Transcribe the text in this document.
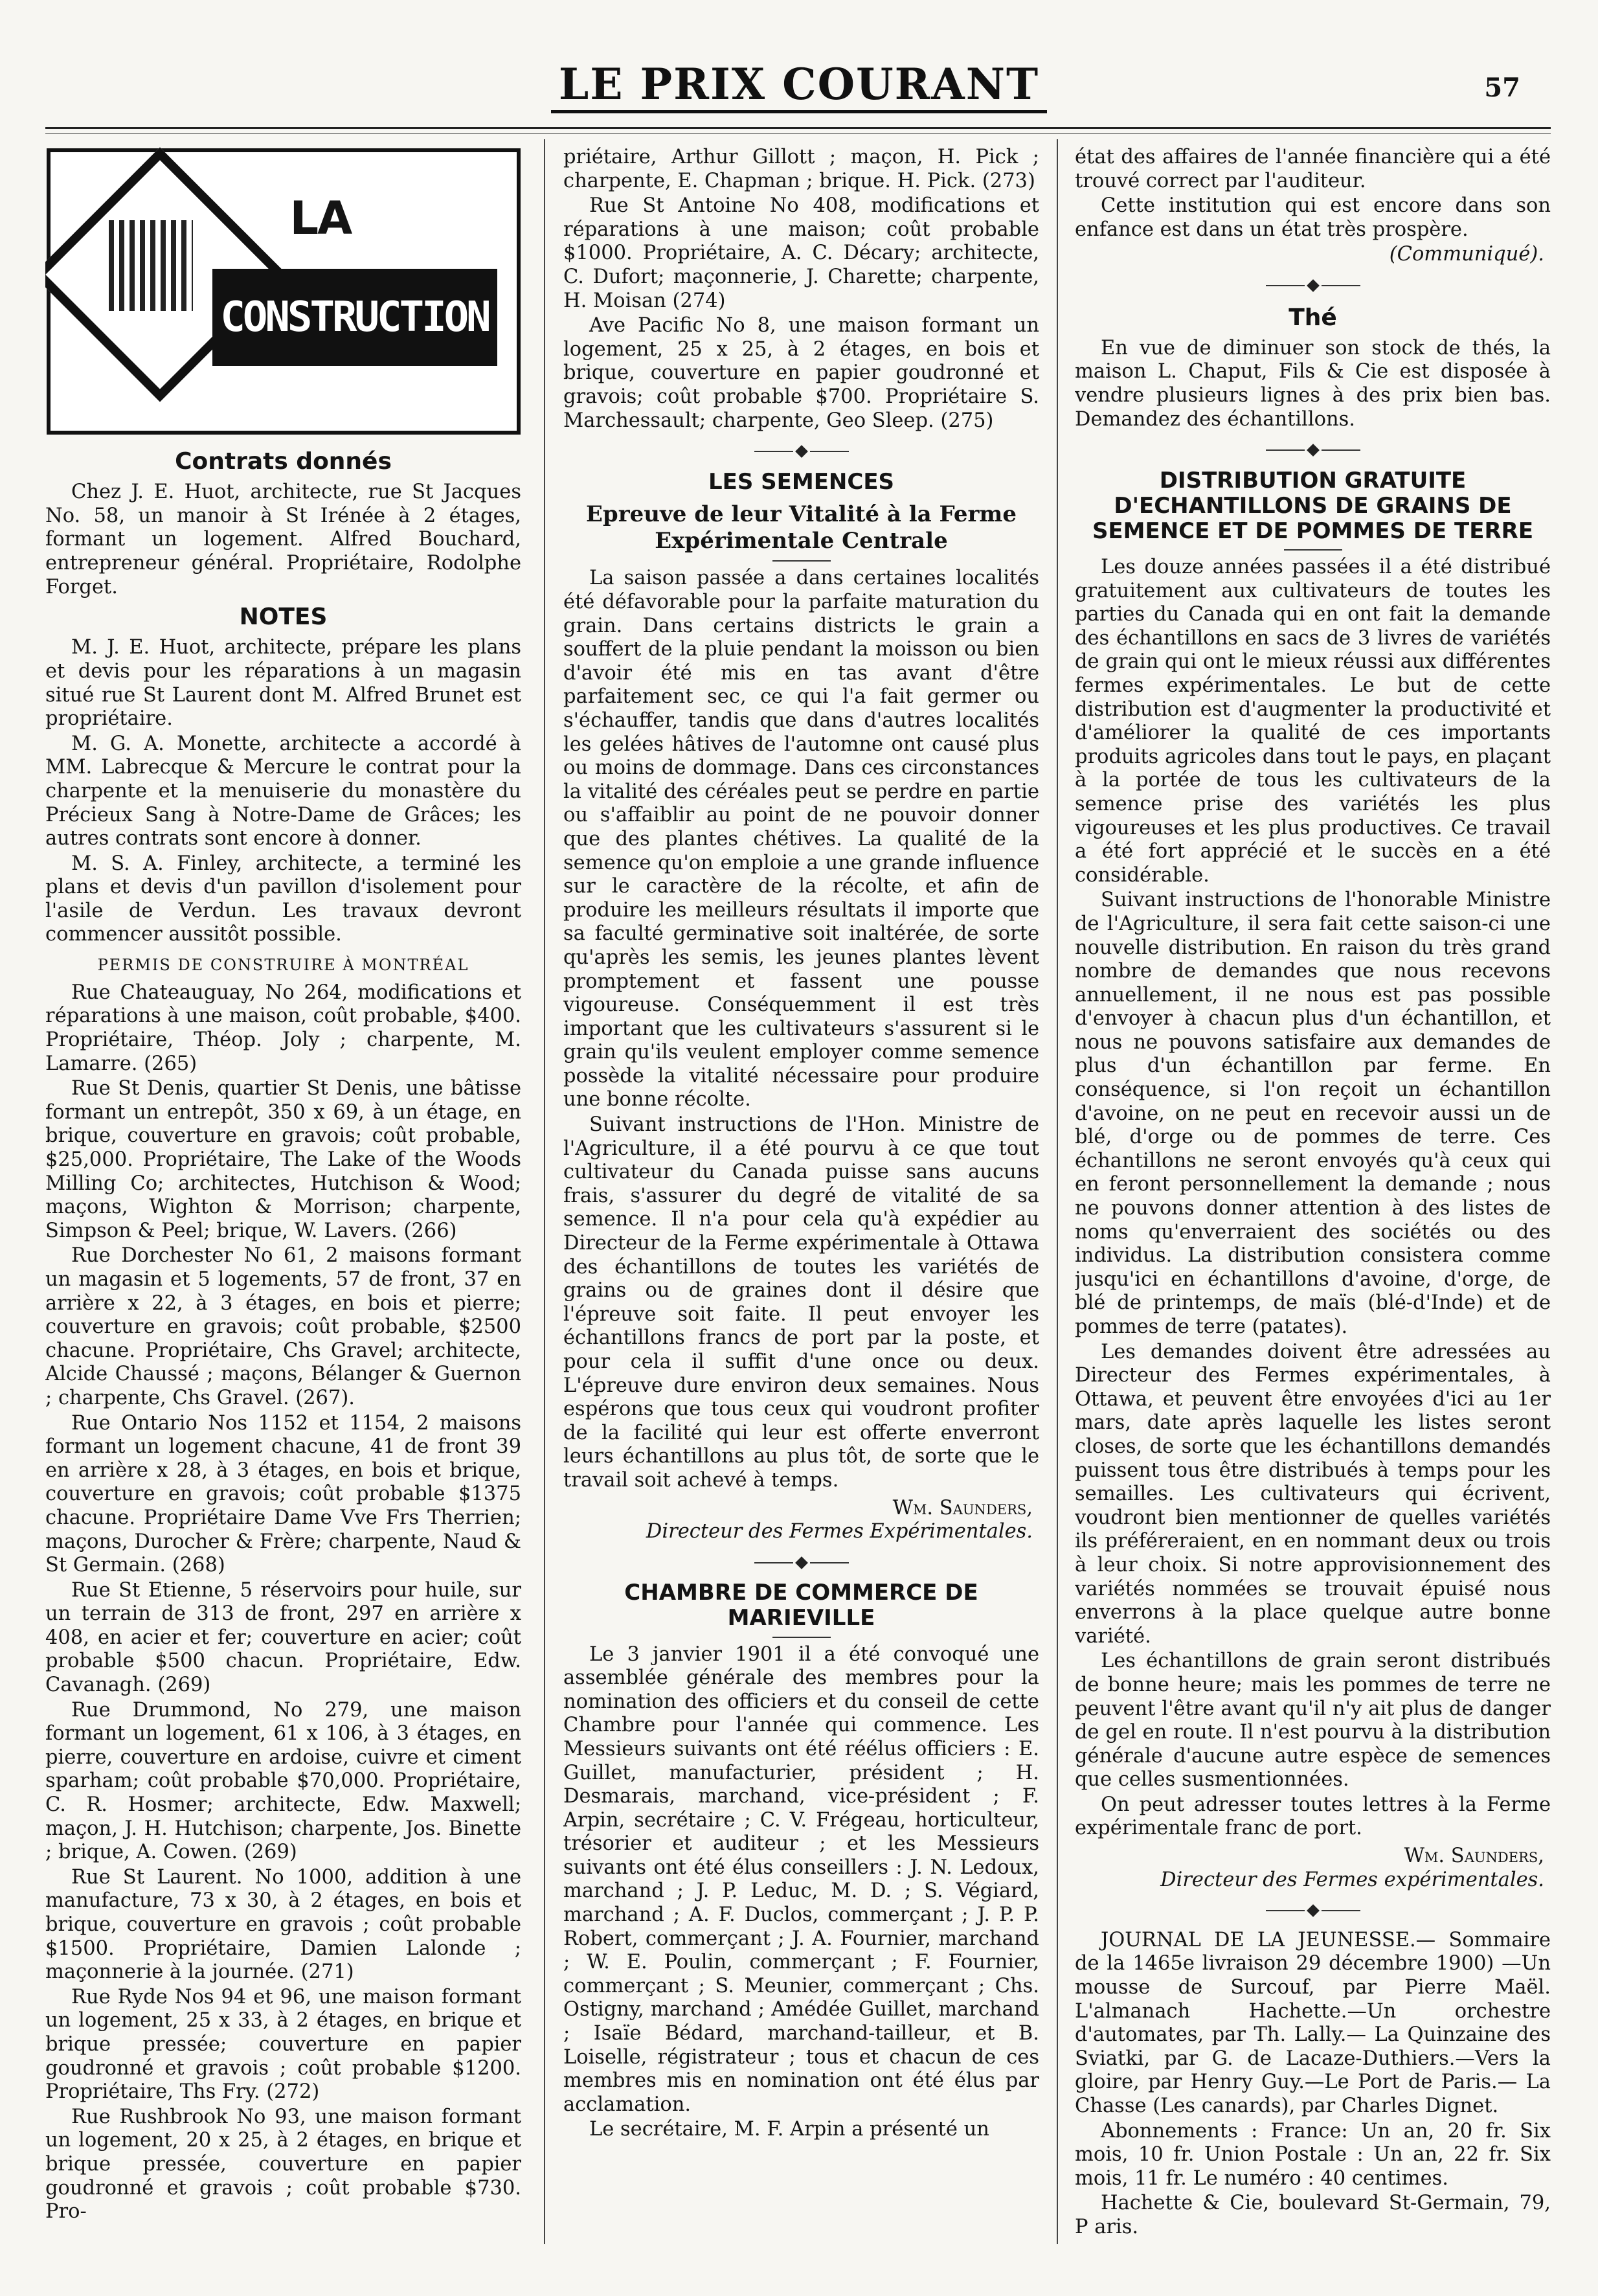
LE PRIX COURANT	57
LA
CONSTRUCTION
Contrats donnés

Chez J. E. Huot, architecte, rue St Jacques No. 58, un manoir à St Irénée à 2 étages, formant un logement. Alfred Bouchard, entrepreneur général. Propriétaire, Rodolphe Forget.

NOTES

M. J. E. Huot, architecte, prépare les plans et devis pour les réparations à un magasin situé rue St Laurent dont M. Alfred Brunet est propriétaire.

M. G. A. Monette, architecte a accordé à MM. Labrecque & Mercure le contrat pour la charpente et la menuiserie du monastère du Précieux Sang à Notre-Dame de Grâces; les autres contrats sont encore à donner.

M. S. A. Finley, architecte, a terminé les plans et devis d'un pavillon d'isolement pour l'asile de Verdun. Les travaux devront commencer aussitôt possible.

PERMIS DE CONSTRUIRE À MONTRÉAL

Rue Chateauguay, No 264, modifications et réparations à une maison, coût probable, $400. Propriétaire, Théop. Joly ; charpente, M. Lamarre. (265)

Rue St Denis, quartier St Denis, une bâtisse formant un entrepôt, 350 x 69, à un étage, en brique, couverture en gravois; coût probable, $25,000. Propriétaire, The Lake of the Woods Milling Co; architectes, Hutchison & Wood; maçons, Wighton & Morrison; charpente, Simpson & Peel; brique, W. Lavers. (266)

Rue Dorchester No 61, 2 maisons formant un magasin et 5 logements, 57 de front, 37 en arrière x 22, à 3 étages, en bois et pierre; couverture en gravois; coût probable, $2500 chacune. Propriétaire, Chs Gravel; architecte, Alcide Chaussé ; maçons, Bélanger & Guernon ; charpente, Chs Gravel. (267).

Rue Ontario Nos 1152 et 1154, 2 maisons formant un logement chacune, 41 de front 39 en arrière x 28, à 3 étages, en bois et brique, couverture en gravois; coût probable $1375 chacune. Propriétaire Dame Vve Frs Therrien; maçons, Durocher & Frère; charpente, Naud & St Germain. (268)

Rue St Etienne, 5 réservoirs pour huile, sur un terrain de 313 de front, 297 en arrière x 408, en acier et fer; couverture en acier; coût probable $500 chacun. Propriétaire, Edw. Cavanagh. (269)

Rue Drummond, No 279, une maison formant un logement, 61 x 106, à 3 étages, en pierre, couverture en ardoise, cuivre et ciment sparham; coût probable $70,000. Propriétaire, C. R. Hosmer; architecte, Edw. Maxwell; maçon, J. H. Hutchison; charpente, Jos. Binette ; brique, A. Cowen. (269)

Rue St Laurent. No 1000, addition à une manufacture, 73 x 30, à 2 étages, en bois et brique, couverture en gravois ; coût probable $1500. Propriétaire, Damien Lalonde ; maçonnerie à la journée. (271)

Rue Ryde Nos 94 et 96, une maison formant un logement, 25 x 33, à 2 étages, en brique et brique pressée; couverture en papier goudronné et gravois ; coût probable $1200. Propriétaire, Ths Fry. (272)

Rue Rushbrook No 93, une maison formant un logement, 20 x 25, à 2 étages, en brique et brique pressée, couverture en papier goudronné et gravois ; coût probable $730. Pro-

priétaire, Arthur Gillott ; maçon, H. Pick ; charpente, E. Chapman ; brique. H. Pick. (273)

Rue St Antoine No 408, modifications et réparations à une maison; coût probable $1000. Propriétaire, A. C. Décary; architecte, C. Dufort; maçonnerie, J. Charette; charpente, H. Moisan (274)

Ave Pacific No 8, une maison formant un logement, 25 x 25, à 2 étages, en bois et brique, couverture en papier goudronné et gravois; coût probable $700. Propriétaire S. Marchessault; charpente, Geo Sleep. (275)

LES SEMENCES
Epreuve de leur Vitalité à la Ferme Expérimentale Centrale

La saison passée a dans certaines localités été défavorable pour la parfaite maturation du grain. Dans certains districts le grain a souffert de la pluie pendant la moisson ou bien d'avoir été mis en tas avant d'être parfaitement sec, ce qui l'a fait germer ou s'échauffer, tandis que dans d'autres localités les gelées hâtives de l'automne ont causé plus ou moins de dommage. Dans ces circonstances la vitalité des céréales peut se perdre en partie ou s'affaiblir au point de ne pouvoir donner que des plantes chétives. La qualité de la semence qu'on emploie a une grande influence sur le caractère de la récolte, et afin de produire les meilleurs résultats il importe que sa faculté germinative soit inaltérée, de sorte qu'après les semis, les jeunes plantes lèvent promptement et fassent une pousse vigoureuse. Conséquemment il est très important que les cultivateurs s'assurent si le grain qu'ils veulent employer comme semence possède la vitalité nécessaire pour produire une bonne récolte.

Suivant instructions de l'Hon. Ministre de l'Agriculture, il a été pourvu à ce que tout cultivateur du Canada puisse sans aucuns frais, s'assurer du degré de vitalité de sa semence. Il n'a pour cela qu'à expédier au Directeur de la Ferme expérimentale à Ottawa des échantillons de toutes les variétés de grains ou de graines dont il désire que l'épreuve soit faite. Il peut envoyer les échantillons francs de port par la poste, et pour cela il suffit d'une once ou deux. L'épreuve dure environ deux semaines. Nous espérons que tous ceux qui voudront profiter de la facilité qui leur est offerte enverront leurs échantillons au plus tôt, de sorte que le travail soit achevé à temps.

Wm. Saunders,
Directeur des Fermes Expérimentales.
CHAMBRE DE COMMERCE DE MARIEVILLE

Le 3 janvier 1901 il a été convoqué une assemblée générale des membres pour la nomination des officiers et du conseil de cette Chambre pour l'année qui commence. Les Messieurs suivants ont été réélus officiers : E. Guillet, manufacturier, président ; H. Desmarais, marchand, vice-président ; F. Arpin, secrétaire ; C. V. Frégeau, horticulteur, trésorier et auditeur ; et les Messieurs suivants ont été élus conseillers : J. N. Ledoux, marchand ; J. P. Leduc, M. D. ; S. Végiard, marchand ; A. F. Duclos, commerçant ; J. P. P. Robert, commerçant ; J. A. Fournier, marchand ; W. E. Poulin, commerçant ; F. Fournier, commerçant ; S. Meunier, commerçant ; Chs. Ostigny, marchand ; Amédée Guillet, marchand ; Isaïe Bédard, marchand-tailleur, et B. Loiselle, régistrateur ; tous et chacun de ces membres mis en nomination ont été élus par acclamation.

Le secrétaire, M. F. Arpin a présenté un

état des affaires de l'année financière qui a été trouvé correct par l'auditeur.

Cette institution qui est encore dans son enfance est dans un état très prospère.

(Communiqué).
Thé

En vue de diminuer son stock de thés, la maison L. Chaput, Fils & Cie est disposée à vendre plusieurs lignes à des prix bien bas. Demandez des échantillons.

DISTRIBUTION GRATUITE D'ECHANTILLONS DE GRAINS DE SEMENCE ET DE POMMES DE TERRE

Les douze années passées il a été distribué gratuitement aux cultivateurs de toutes les parties du Canada qui en ont fait la demande des échantillons en sacs de 3 livres de variétés de grain qui ont le mieux réussi aux différentes fermes expérimentales. Le but de cette distribution est d'augmenter la productivité et d'améliorer la qualité de ces importants produits agricoles dans tout le pays, en plaçant à la portée de tous les cultivateurs de la semence prise des variétés les plus vigoureuses et les plus productives. Ce travail a été fort apprécié et le succès en a été considérable.

Suivant instructions de l'honorable Ministre de l'Agriculture, il sera fait cette saison-ci une nouvelle distribution. En raison du très grand nombre de demandes que nous recevons annuellement, il ne nous est pas possible d'envoyer à chacun plus d'un échantillon, et nous ne pouvons satisfaire aux demandes de plus d'un échantillon par ferme. En conséquence, si l'on reçoit un échantillon d'avoine, on ne peut en recevoir aussi un de blé, d'orge ou de pommes de terre. Ces échantillons ne seront envoyés qu'à ceux qui en feront personnellement la demande ; nous ne pouvons donner attention à des listes de noms qu'enverraient des sociétés ou des individus. La distribution consistera comme jusqu'ici en échantillons d'avoine, d'orge, de blé de printemps, de maïs (blé-d'Inde) et de pommes de terre (patates).

Les demandes doivent être adressées au Directeur des Fermes expérimentales, à Ottawa, et peuvent être envoyées d'ici au 1er mars, date après laquelle les listes seront closes, de sorte que les échantillons demandés puissent tous être distribués à temps pour les semailles. Les cultivateurs qui écrivent, voudront bien mentionner de quelles variétés ils préféreraient, en en nommant deux ou trois à leur choix. Si notre approvisionnement des variétés nommées se trouvait épuisé nous enverrons à la place quelque autre bonne variété.

Les échantillons de grain seront distribués de bonne heure; mais les pommes de terre ne peuvent l'être avant qu'il n'y ait plus de danger de gel en route. Il n'est pourvu à la distribution générale d'aucune autre espèce de semences que celles susmentionnées.

On peut adresser toutes lettres à la Ferme expérimentale franc de port.

Wm. Saunders,
Directeur des Fermes expérimentales.

JOURNAL DE LA JEUNESSE.— Sommaire de la 1465e livraison 29 décembre 1900) —Un mousse de Surcouf, par Pierre Maël. L'almanach Hachette.—Un orchestre d'automates, par Th. Lally.— La Quinzaine des Sviatki, par G. de Lacaze-Duthiers.—Vers la gloire, par Henry Guy.—Le Port de Paris.— La Chasse (Les canards), par Charles Dignet.

Abonnements : France: Un an, 20 fr. Six mois, 10 fr. Union Postale : Un an, 22 fr. Six mois, 11 fr. Le numéro : 40 centimes.

Hachette & Cie, boulevard St-Germain, 79, P aris.
